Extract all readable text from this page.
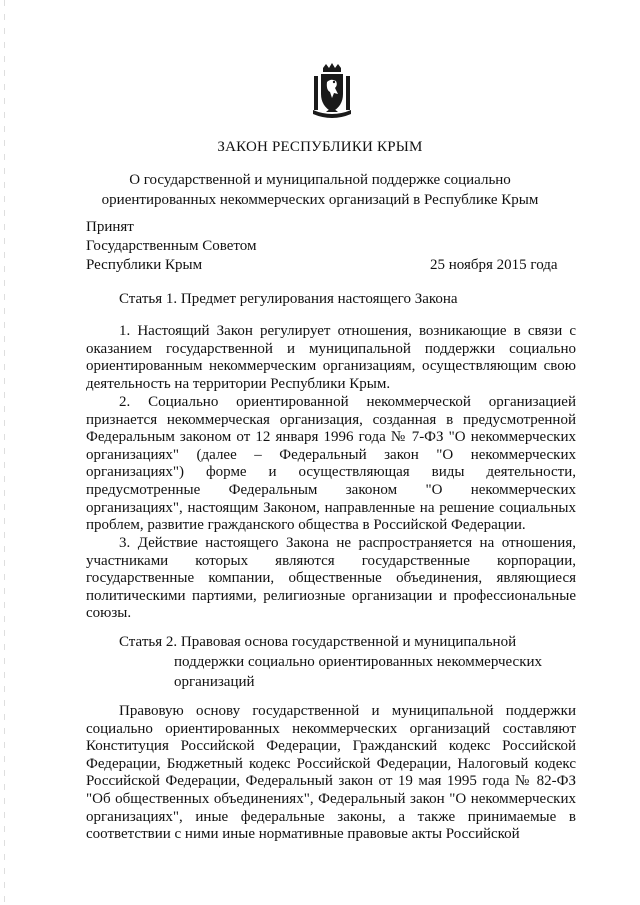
ЗАКОН РЕСПУБЛИКИ КРЫМ
О государственной и муниципальной поддержке социально
ориентированных некоммерческих организаций в Республике Крым
Принят
Государственным Советом
Республики Крым	25 ноября 2015 года
Статья 1. Предмет регулирования настоящего Закона
1. Настоящий Закон регулирует отношения, возникающие в связи с оказанием государственной и муниципальной поддержки социально ориентированным некоммерческим организациям, осуществляющим свою деятельность на территории Республики Крым.
2. Социально ориентированной некоммерческой организацией признается некоммерческая организация, созданная в предусмотренной Федеральным законом от 12 января 1996 года № 7-ФЗ "О некоммерческих организациях" (далее – Федеральный закон "О некоммерческих организациях") форме и осуществляющая виды деятельности, предусмотренные Федеральным законом "О некоммерческих организациях", настоящим Законом, направленные на решение социальных проблем, развитие гражданского общества в Российской Федерации.
3. Действие настоящего Закона не распространяется на отношения, участниками которых являются государственные корпорации, государственные компании, общественные объединения, являющиеся политическими партиями, религиозные организации и профессиональные союзы.
Статья 2. Правовая основа государственной и муниципальной
поддержки социально ориентированных некоммерческих
организаций
Правовую основу государственной и муниципальной поддержки социально ориентированных некоммерческих организаций составляют Конституция Российской Федерации, Гражданский кодекс Российской Федерации, Бюджетный кодекс Российской Федерации, Налоговый кодекс Российской Федерации, Федеральный закон от 19 мая 1995 года № 82-ФЗ "Об общественных объединениях", Федеральный закон "О некоммерческих организациях", иные федеральные законы, а также принимаемые в соответствии с ними иные нормативные правовые акты Российской
